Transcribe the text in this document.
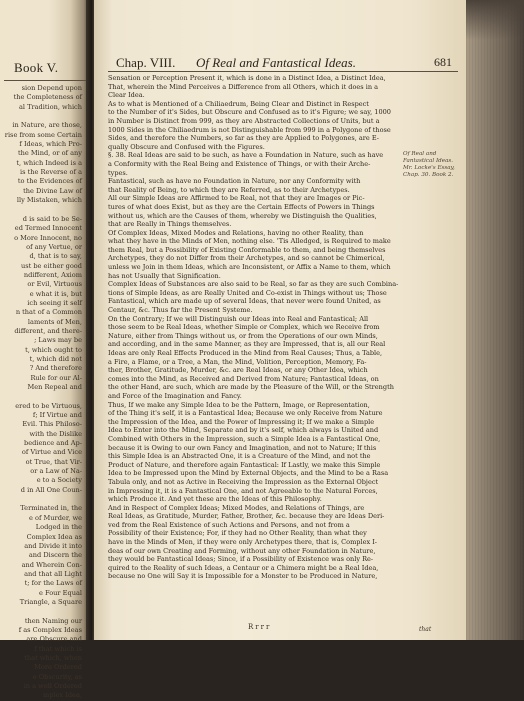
Book V.
sion Depend upon
the Completeness of
al Tradition, which

in Nature, are those,
rise from some Certain
f Ideas, which Pro-
the Mind, or of any
t, which Indeed is a
is the Reverse of a
to the Evidences of
the Divine Law of
lly Mistaken, which

d is said to be Se-
ed Termed Innocent
o More Innocent, no
of any Vertue, or
d, that is to say,
ust be either good
ndifferent, Axiom
or Evil, Virtuous
e what it is, but
ich seeing it self
n that of a Common
laments of Men,
different, and there-
; Laws may be
t, which ought to
t, which did not
? And therefore
Rule for our Al-
Men Repeal and

ered to be Virtuous,
f; If Virtue and
Evil. This Philoso-
with the Dislike
bedience and Ap-
of Virtue and Vice
ot True, that Vir-
or a Law of Na-
e to a Society
d in All One Coun-

Terminated in, the
e of Murder, we
Lodged in the
Complex Idea as
and Divide it into
and Discern the
and Wherein Con-
and that all Light
t; for the Laws of
e Four Equal
Triangle, a Square

then Naming our
f as Complex Ideas
are Obscure and
f that which is
that which, when
More Ordered
e Obscurity, as
in a well Ordered
mplex Idea,
Chap. VIII. Of Real and Fantastical Ideas.	681
Sensation or Perception Present it, which is done in a Distinct Idea, a Distinct Idea,
That, wherein the Mind Perceives a Difference from all Others, which it does in a
Clear Idea.
As to what is Mentioned of a Chiliaedrum, Being Clear and Distinct in Respect
to the Number of it's Sides, but Obscure and Confused as to it's Figure; we say, 1000
in Number is Distinct from 999, as they are Abstracted Collections of Units, but a
1000 Sides in the Chiliaedrum is not Distinguishable from 999 in a Polygone of those
Sides, and therefore the Numbers, so far as they are Applied to Polygones, are E-
qually Obscure and Confused with the Figures.
§. 38. Real Ideas are said to be such, as have a Foundation in Nature, such as have
a Conformity with the Real Being and Existence of Things, or with their Arche-
types.
Fantastical, such as have no Foundation in Nature, nor any Conformity with
that Reality of Being, to which they are Referred, as to their Archetypes.
All our Simple Ideas are Affirmed to be Real, not that they are Images or Pic-
tures of what does Exist, but as they are the Certain Effects of Powers in Things
without us, which are the Causes of them, whereby we Distinguish the Qualities,
that are Really in Things themselves.
Of Complex Ideas, Mixed Modes and Relations, having no other Reality, than
what they have in the Minds of Men, nothing else. 'Tis Alledged, is Required to make
them Real, but a Possibility of Existing Conformable to them, and being themselves
Archetypes, they do not Differ from their Archetypes, and so cannot be Chimerical,
unless we Join in them Ideas, which are Inconsistent, or Affix a Name to them, which
has not Usually that Signification.
Complex Ideas of Substances are also said to be Real, so far as they are such Combina-
tions of Simple Ideas, as are Really United and Co-exist in Things without us; Those
Fantastical, which are made up of several Ideas, that never were found United, as
Centaur, &c. Thus far the Present Systeme.
On the Contrary; If we will Distinguish our Ideas into Real and Fantastical; All
those seem to be Real Ideas, whether Simple or Complex, which we Receive from
Nature, either from Things without us, or from the Operations of our own Minds,
and according, and in the same Manner, as they are Impressed, that is, all our Real
Ideas are only Real Effects Produced in the Mind from Real Causes; Thus, a Table,
a Fire, a Flame, or a Tree, a Man, the Mind, Volition, Perception, Memory, Fa-
ther, Brother, Gratitude, Murder, &c. are Real Ideas, or any Other Idea, which
comes into the Mind, as Received and Derived from Nature; Fantastical Ideas, on
the other Hand, are such, which are made by the Pleasure of the Will, or the Strength
and Force of the Imagination and Fancy.
Thus, If we make any Simple Idea to be the Pattern, Image, or Representation,
of the Thing it's self, it is a Fantastical Idea; Because we only Receive from Nature
the Impression of the Idea, and the Power of Impressing it; If we make a Simple
Idea to Enter into the Mind, Separate and by it's self, which always is United and
Combined with Others in the Impression, such a Simple Idea is a Fantastical One,
because it is Owing to our own Fancy and Imagination, and not to Nature; If this
this Simple Idea is an Abstracted One, it is a Creature of the Mind, and not the
Product of Nature, and therefore again Fantastical: If Lastly, we make this Simple
Idea to be Impressed upon the Mind by External Objects, and the Mind to be a Rasa
Tabula only, and not as Active in Receiving the Impression as the External Object
in Impressing it, it is a Fantastical One, and not Agreeable to the Natural Forces,
which Produce it. And yet these are the Ideas of this Philosophy.
And in Respect of Complex Ideas; Mixed Modes, and Relations of Things, are
Real Ideas, as Gratitude, Murder, Father, Brother, &c. because they are Ideas Deri-
ved from the Real Existence of such Actions and Persons, and not from a
Possibility of their Existence; For, if they had no Other Reality, than what they
have in the Minds of Men, if they were only Archetypes there, that is, Complex I-
deas of our own Creating and Forming, without any other Foundation in Nature,
they would be Fantastical Ideas; Since, if a Possibility of Existence was only Re-
quired to the Reality of such Ideas, a Centaur or a Chimera might be a Real Idea,
because no One will Say it is Impossible for a Monster to be Produced in Nature,
Of Real and Fantastical Ideas. Mr. Locke's Essay, Chap. 30. Book 2.
Rrrr	that
